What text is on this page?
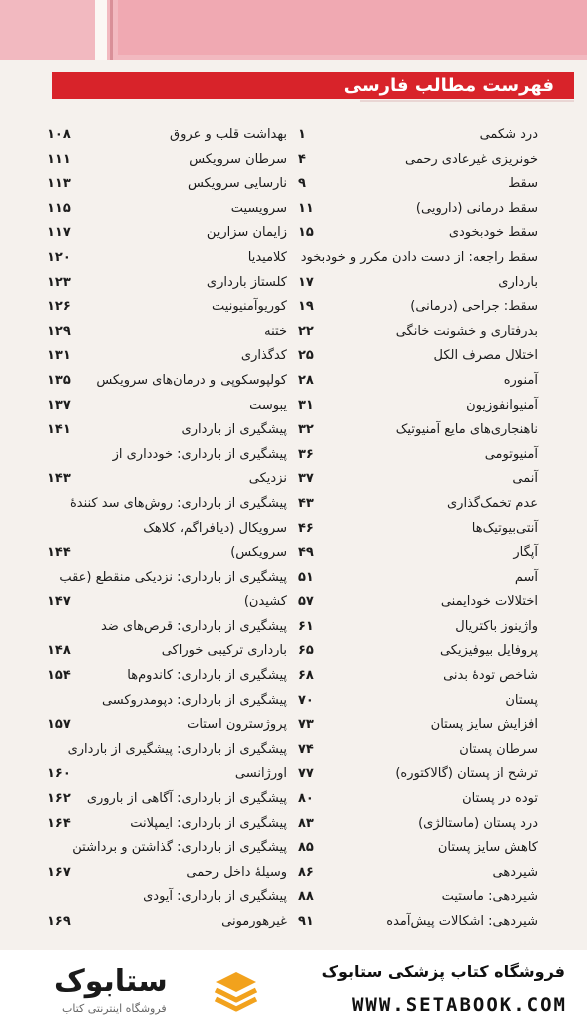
فهرست مطالب فارسی
درد شکمی
۱
خونریزی غیرعادی رحمی
۴
سقط
۹
سقط درمانی (دارویی)
۱۱
سقط خودبخودی
۱۵
سقط راجعه: از دست دادن مکرر و خودبخود
بارداری
۱۷
سقط: جراحی (درمانی)
۱۹
بدرفتاری و خشونت خانگی
۲۲
اختلال مصرف الکل
۲۵
آمنوره
۲۸
آمنیوانفوزیون
۳۱
ناهنجاری‌های مایع آمنیوتیک
۳۲
آمنیوتومی
۳۶
آنمی
۳۷
عدم تخمک‌گذاری
۴۳
آنتی‌بیوتیک‌ها
۴۶
آپگار
۴۹
آسم
۵۱
اختلالات خودایمنی
۵۷
واژینوز باکتریال
۶۱
پروفایل بیوفیزیکی
۶۵
شاخص تودهٔ بدنی
۶۸
پستان
۷۰
افزایش سایز پستان
۷۳
سرطان پستان
۷۴
ترشح از پستان (گالاکتوره)
۷۷
توده در پستان
۸۰
درد پستان (ماستالژی)
۸۳
کاهش سایز پستان
۸۵
شیردهی
۸۶
شیردهی: ماستیت
۸۸
شیردهی: اشکالات پیش‌آمده
۹۱
بهداشت قلب و عروق
۱۰۸
سرطان سرویکس
۱۱۱
نارسایی سرویکس
۱۱۳
سرویسیت
۱۱۵
زایمان سزارین
۱۱۷
کلامیدیا
۱۲۰
کلستاز بارداری
۱۲۳
کوریوآمنیونیت
۱۲۶
ختنه
۱۲۹
کدگذاری
۱۳۱
کولپوسکوپی و درمان‌های سرویکس
۱۳۵
یبوست
۱۳۷
پیشگیری از بارداری
۱۴۱
پیشگیری از بارداری: خودداری از
نزدیکی
۱۴۳
پیشگیری از بارداری: روش‌های سد کنندهٔ
سرویکال (دیافراگم، کلاهک
سرویکس)
۱۴۴
پیشگیری از بارداری: نزدیکی منقطع (عقب
کشیدن)
۱۴۷
پیشگیری از بارداری: قرص‌های ضد
بارداری ترکیبی خوراکی
۱۴۸
پیشگیری از بارداری: کاندوم‌ها
۱۵۴
پیشگیری از بارداری: دپومدروکسی
پروژسترون استات
۱۵۷
پیشگیری از بارداری: پیشگیری از بارداری
اورژانسی
۱۶۰
پیشگیری از بارداری: آگاهی از باروری
۱۶۲
پیشگیری از بارداری: ایمپلانت
۱۶۴
پیشگیری از بارداری: گذاشتن و برداشتن
وسیلهٔ داخل رحمی
۱۶۷
پیشگیری از بارداری: آیودی
غیرهورمونی
۱۶۹
فروشگاه کتاب پزشکی ستابوک
WWW.SETABOOK.COM
ستابوک
فروشگاه اینترنتی کتاب
